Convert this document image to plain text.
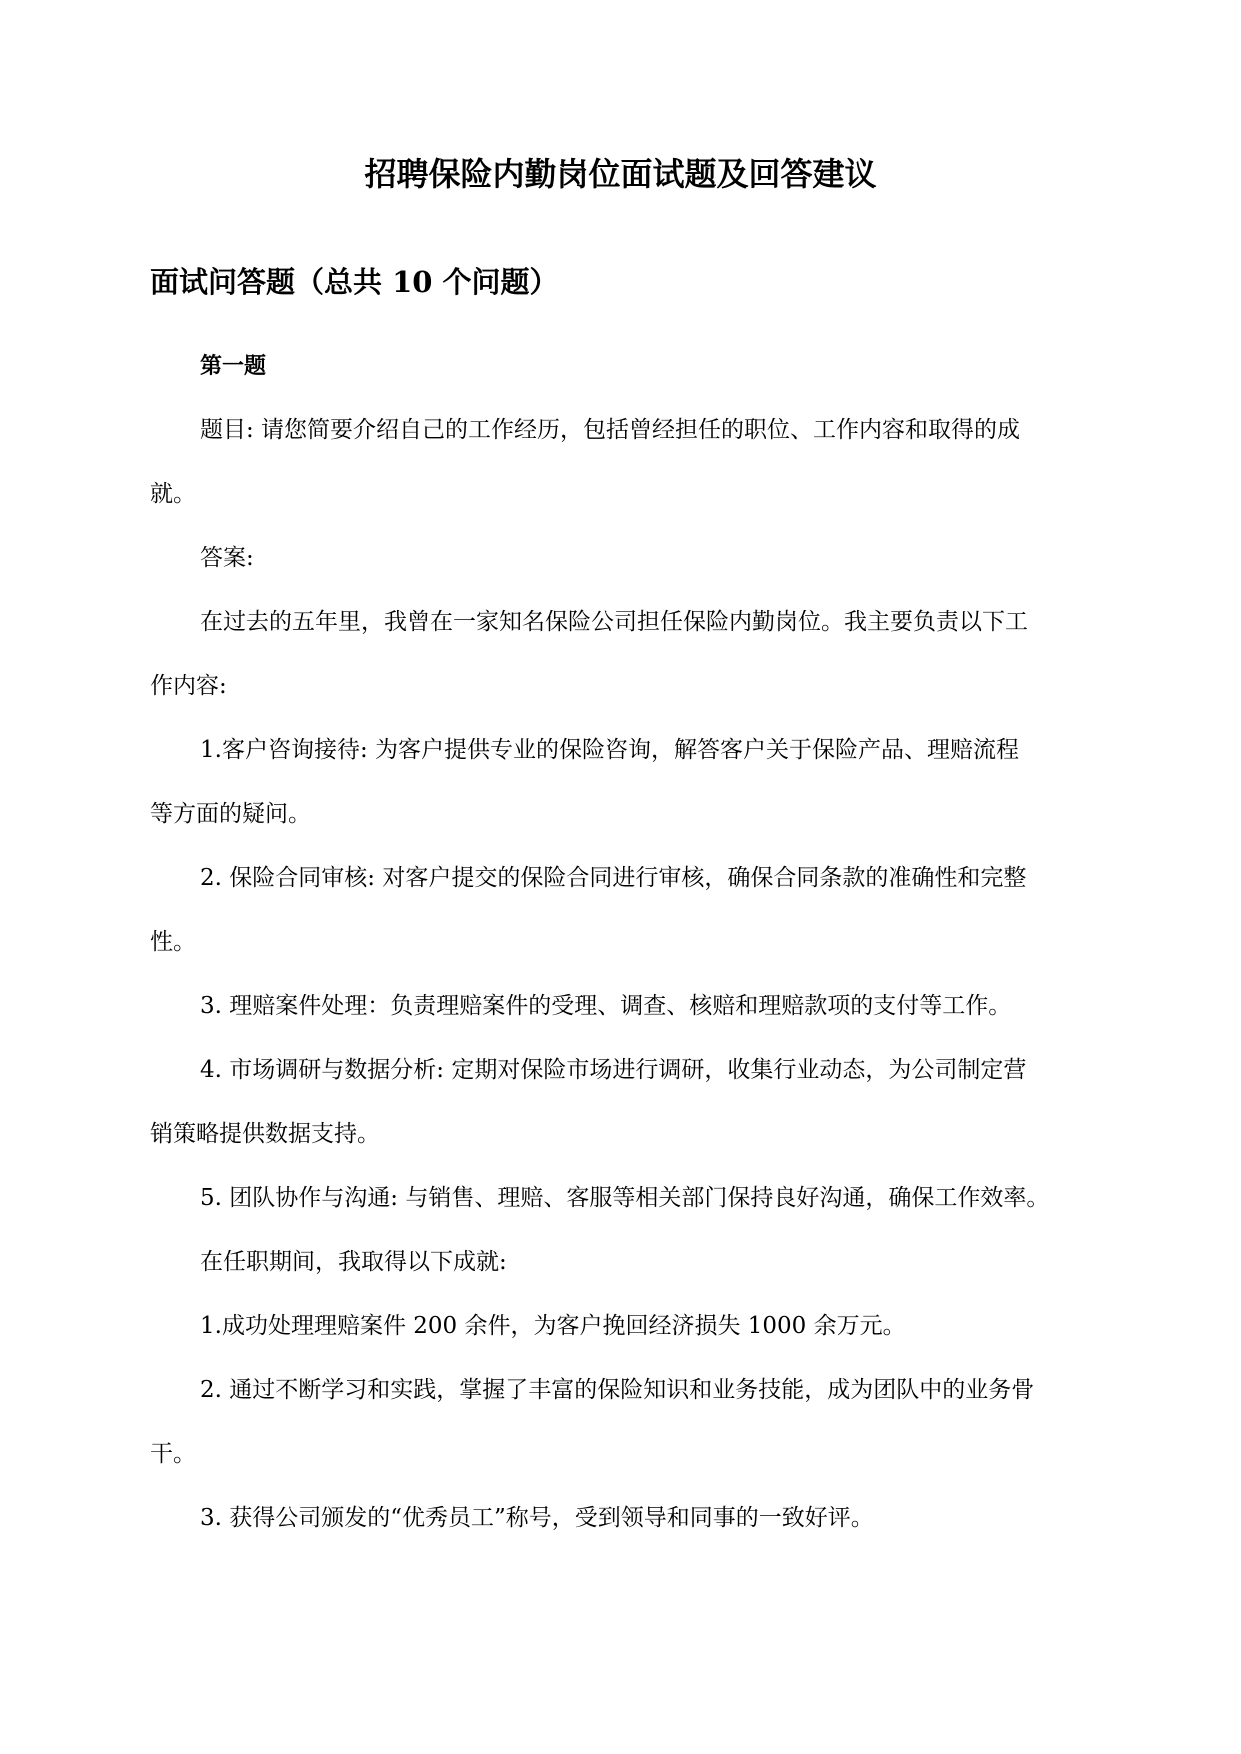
招聘保险内勤岗位面试题及回答建议
面试问答题（总共 10 个问题）
第一题

题目: 请您简要介绍自己的工作经历，包括曾经担任的职位、工作内容和取得的成
就。

答案:

在过去的五年里，我曾在一家知名保险公司担任保险内勤岗位。我主要负责以下工
作内容:

1.客户咨询接待: 为客户提供专业的保险咨询，解答客户关于保险产品、理赔流程
等方面的疑问。

2. 保险合同审核: 对客户提交的保险合同进行审核，确保合同条款的准确性和完整
性。

3. 理赔案件处理：负责理赔案件的受理、调查、核赔和理赔款项的支付等工作。

4. 市场调研与数据分析: 定期对保险市场进行调研，收集行业动态，为公司制定营
销策略提供数据支持。

5. 团队协作与沟通: 与销售、理赔、客服等相关部门保持良好沟通，确保工作效率。

在任职期间，我取得以下成就:

1.成功处理理赔案件 200 余件，为客户挽回经济损失 1000 余万元。

2. 通过不断学习和实践，掌握了丰富的保险知识和业务技能，成为团队中的业务骨
干。

3. 获得公司颁发的“优秀员工”称号，受到领导和同事的一致好评。
